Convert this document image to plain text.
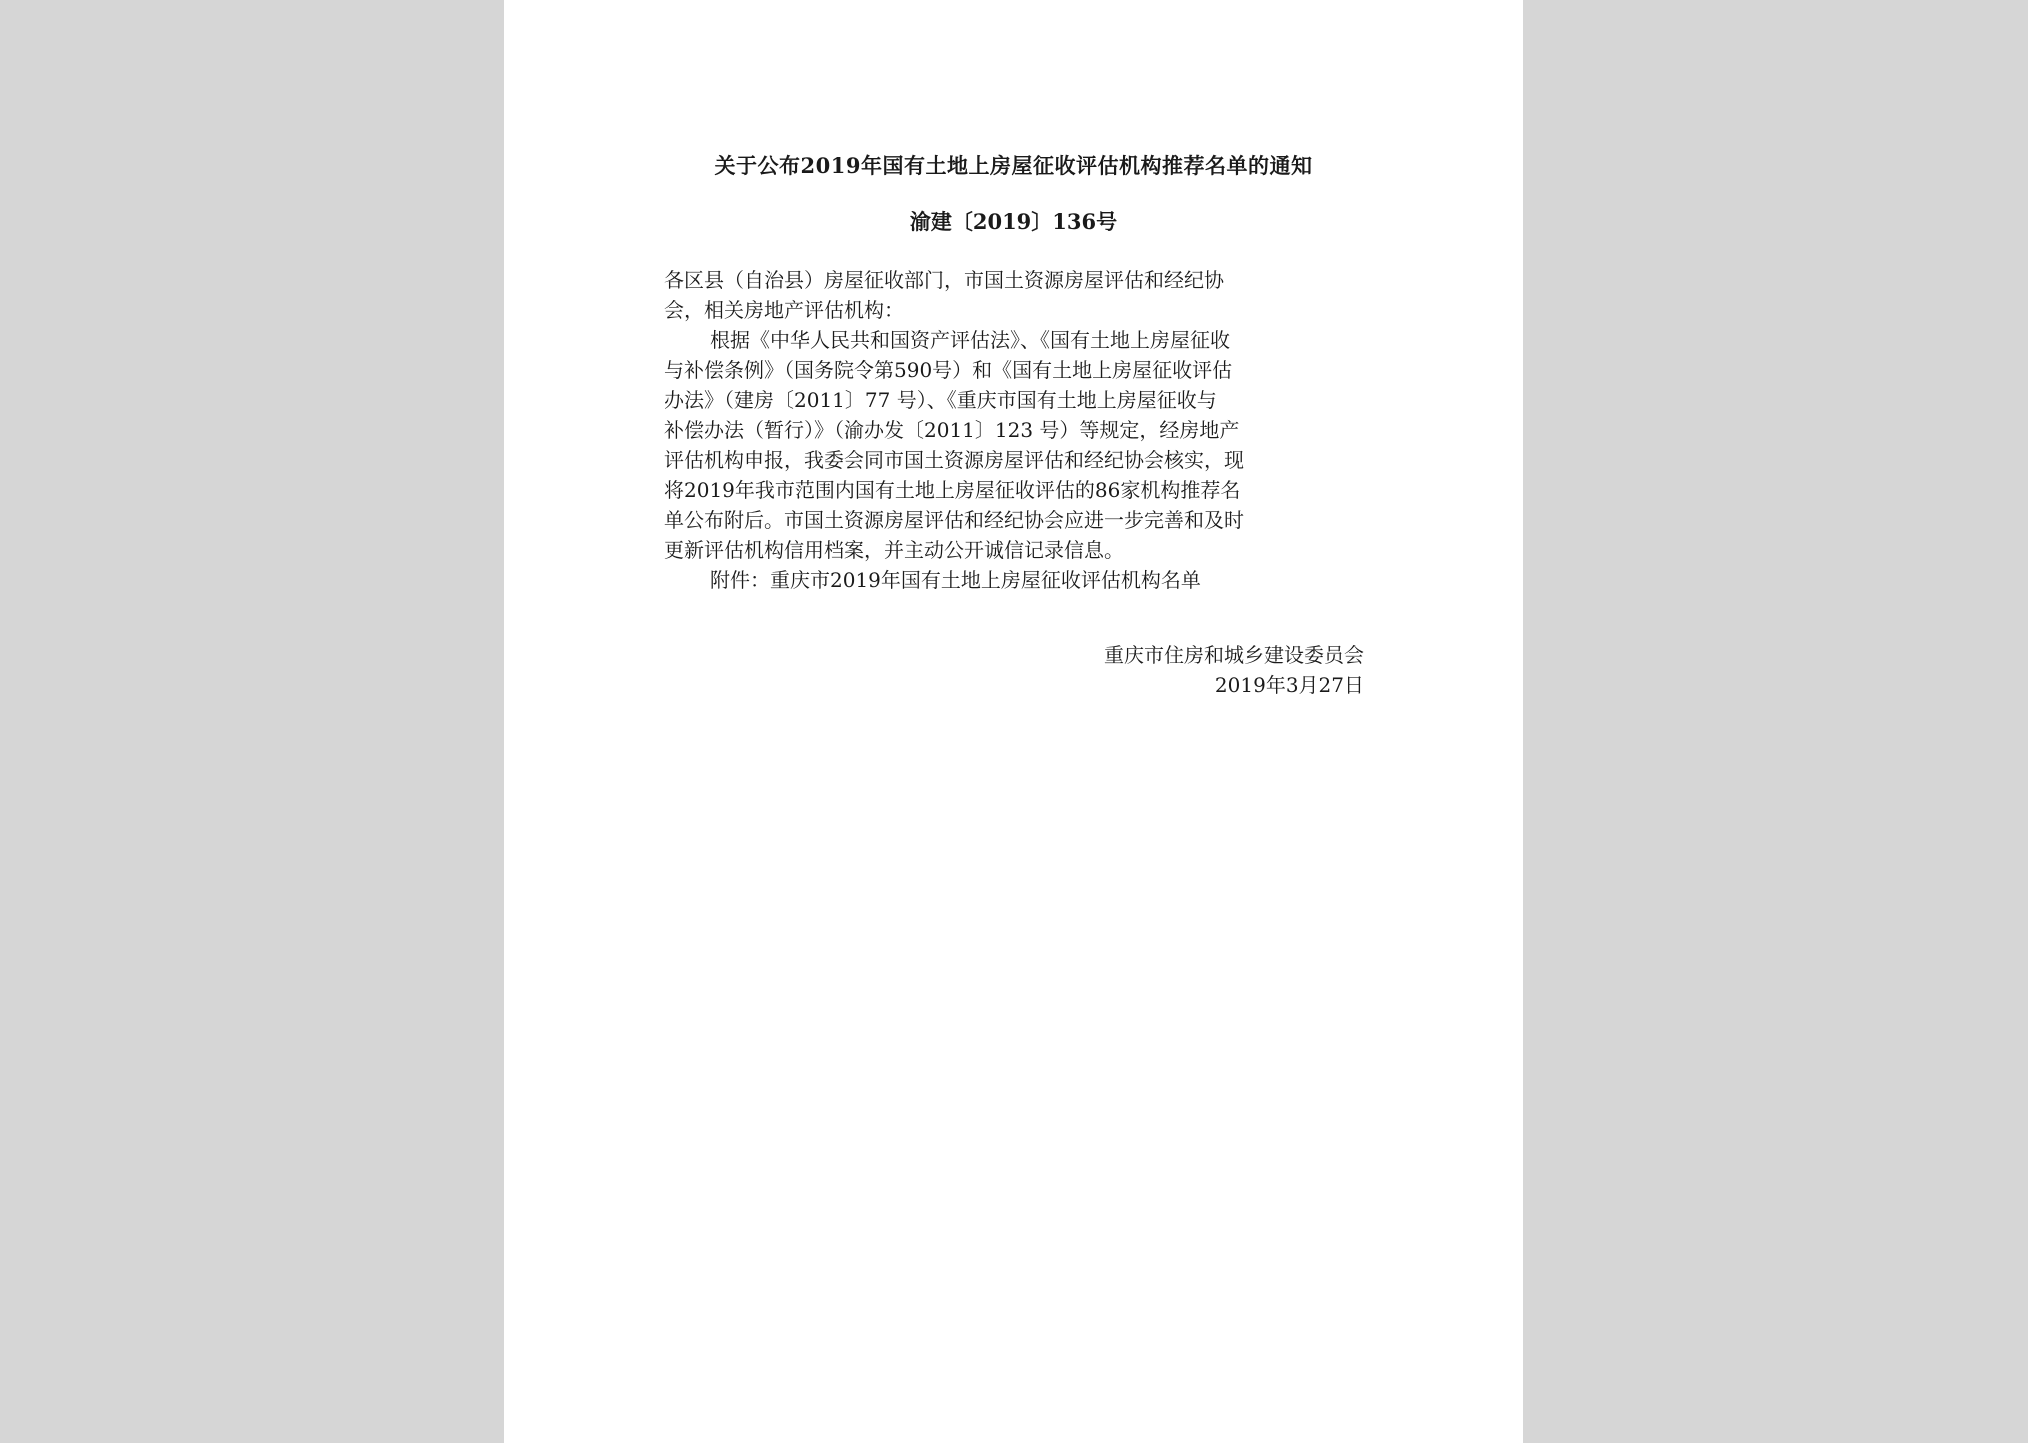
关于公布2019年国有土地上房屋征收评估机构推荐名单的通知
渝建〔2019〕136号
各区县（自治县）房屋征收部门，市国土资源房屋评估和经纪协
会，相关房地产评估机构：
根据《中华人民共和国资产评估法》、《国有土地上房屋征收
与补偿条例》（国务院令第590号）和《国有土地上房屋征收评估
办法》（建房〔2011〕77 号）、《重庆市国有土地上房屋征收与
补偿办法（暂行）》（渝办发〔2011〕123 号）等规定，经房地产
评估机构申报，我委会同市国土资源房屋评估和经纪协会核实，现
将2019年我市范围内国有土地上房屋征收评估的86家机构推荐名
单公布附后。市国土资源房屋评估和经纪协会应进一步完善和及时
更新评估机构信用档案，并主动公开诚信记录信息。
附件：重庆市2019年国有土地上房屋征收评估机构名单
重庆市住房和城乡建设委员会
2019年3月27日
